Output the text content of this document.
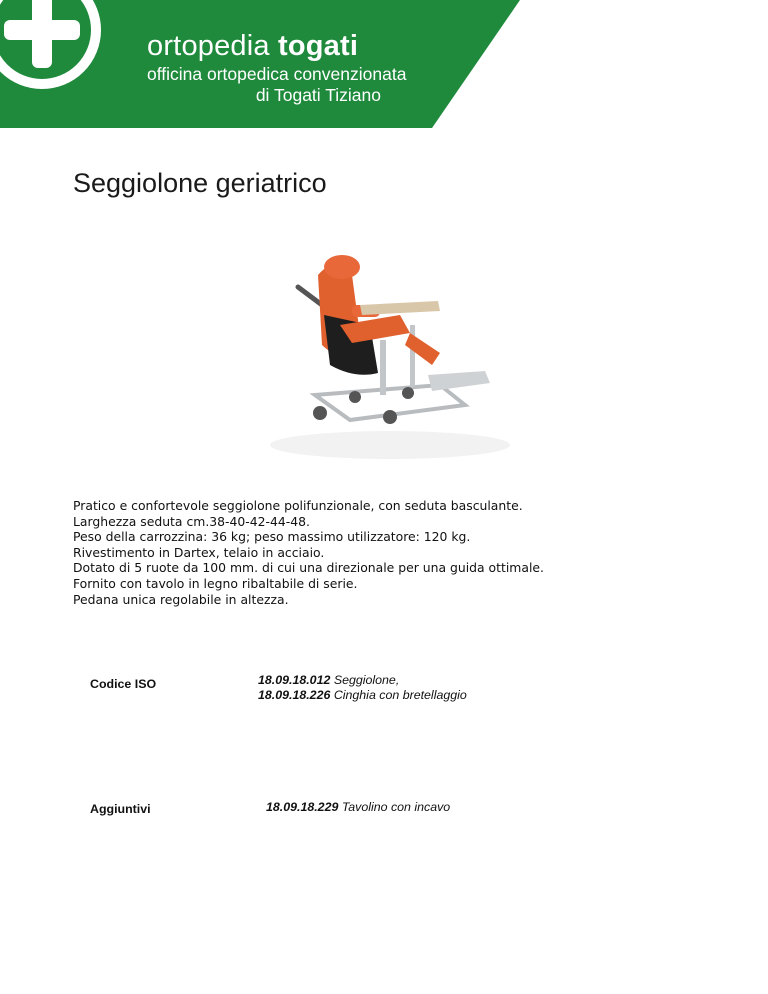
ortopedia togati
officina ortopedica convenzionata
di Togati Tiziano
Via Napoleone Bonaparte,82 / 70017 Putignano (Ba)
Servizio Clienti [Tel.-Fax]: 080 405 46 48
Email: ortopediatogati@libero.it / Web: www.ortopediatogati.it
P.IVA 05669500729 / C.F. TGTTZN75R15E038E
Reg. Imprese di Bari n. TGTTZN75R15E038E / REA n. BA-433439
Cod. Min. San. ITCA01024382
Seggiolone geriatrico
Pratico e confortevole seggiolone polifunzionale, con seduta basculante.
Larghezza seduta cm.38-40-42-44-48.
Peso della carrozzina: 36 kg; peso massimo utilizzatore: 120 kg.
Rivestimento in Dartex, telaio in acciaio.
Dotato di 5 ruote da 100 mm. di cui una direzionale per una guida ottimale.
Fornito con tavolo in legno ribaltabile di serie.
Pedana unica regolabile in altezza.
Codice ISO	18.09.18.012 Seggiolone,
18.09.18.226 Cinghia con bretellaggio
Aggiuntivi	18.09.18.229 Tavolino con incavo
